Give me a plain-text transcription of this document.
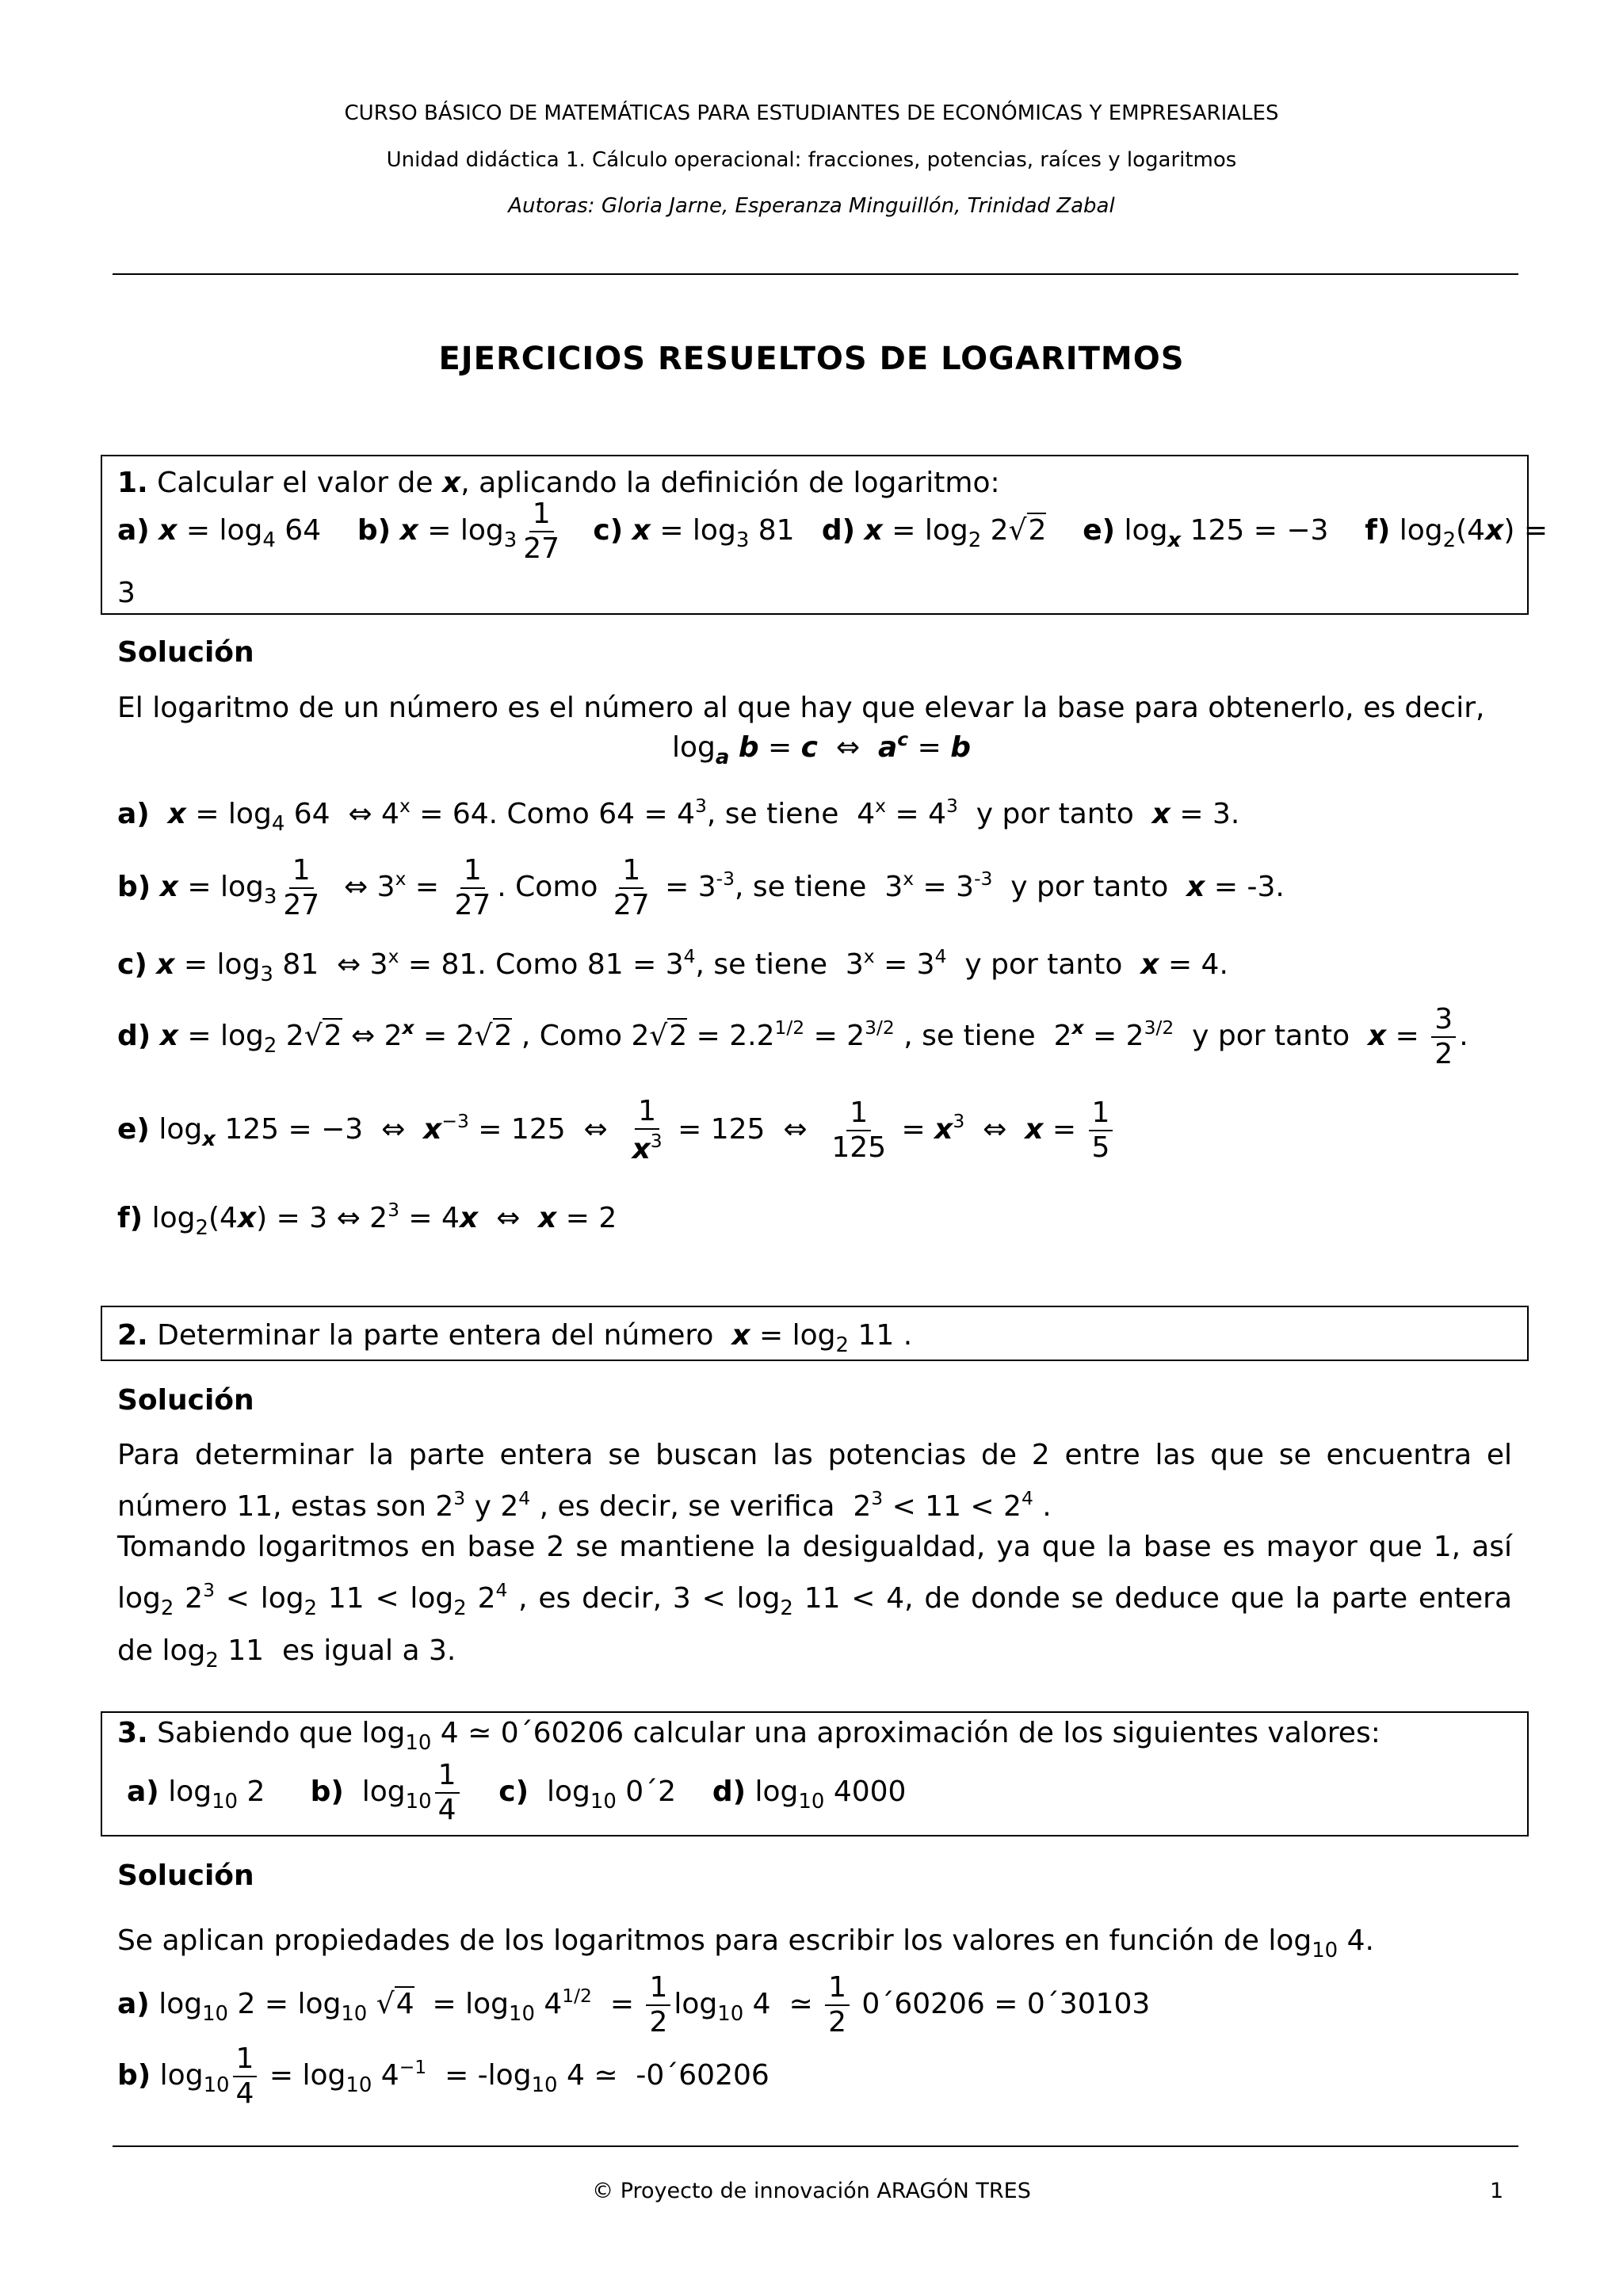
CURSO BÁSICO DE MATEMÁTICAS PARA ESTUDIANTES DE ECONÓMICAS Y EMPRESARIALES
Unidad didáctica 1. Cálculo operacional: fracciones, potencias, raíces y logaritmos
Autoras: Gloria Jarne, Esperanza Minguillón, Trinidad Zabal
EJERCICIOS RESUELTOS DE LOGARITMOS
1. Calcular el valor de x, aplicando la definición de logaritmo:
a) $x = \log_4 64$    b) $x = \log_3 \frac{1}{27} c$) $x = \log_3 81$   d) $x = \log_2 2√2$ e) $\log_x 125 = -3$    f) $\log_2(4x)$ =
3
Solución
El logaritmo de un número es el número al que hay que elevar la base para obtenerlo, es decir,
$\log_a b = c$  ⇔  $a^c = b$
a) $x = \log_4 64$  ⇔ $4^x = 64$. Como $64 = 4^3$, se tiene  $4^x = 4^3$  y por tanto  x = 3.
b) $x = \log_3 \frac{1}{27}$ ⇔ $3^x = \frac{1}{27}$ . Como $\frac{1}{27} = 3^{-3}$, se tiene  $3^x = 3^{-3}$  y por tanto  x = -3.
c) $x = \log_3 81$  ⇔ $3^x = 81$. Como $81 = 3^4$, se tiene  $3^x = 3^4$  y por tanto  x = 4.
d) $x = \log_2 2√2$ ⇔ $2^x = 2√2$ , Como $2√2 = 2.2^{1/2} = 2^{3/2}$ , se tiene  $2^x = 2^{3/2}$  y por tanto  $x = \frac{3}{2}$ .
e) $\log_x 125 = -3$  ⇔  $x^{-3} = 125$  ⇔ $\frac{1}{x^3} = 125$  ⇔ $\frac{1}{125} = x^3$  ⇔  $x = \frac{1}{5}$
f) $\log_2(4x) = 3$ ⇔ $2^3 = 4x$  ⇔  x = 2
2. Determinar la parte entera del número  $x = \log_2 11$ .
Solución
Para determinar la parte entera se buscan las potencias de 2 entre las que se encuentra el número 11, estas son $2^3$ y $2^4$ , es decir, se verifica  $2^3 < 11 < 2^4$ .
Tomando logaritmos en base 2 se mantiene la desigualdad, ya que la base es mayor que 1, así $\log_2 2^3 < \log_2 11 < \log_2 2^4$ , es decir, $3 < \log_2 11 < 4$, de donde se deduce que la parte entera de $\log_2 11$  es igual a 3.
3. Sabiendo que $\log_{10} 4$ ≃ 0´60206 calcular una aproximación de los siguientes valores:
a) $\log_{10} 2$     b)  $\log_{10} \frac{1}{4} c$)  $\log_{10}$ 0´2    d) $\log_{10} 4000$
Solución
Se aplican propiedades de los logaritmos para escribir los valores en función de $\log_{10} 4$.
a) $\log_{10} 2 = \log_{10} √4 = \log_{10} 4^{1/2} = \frac{1}{2} \log_{10} 4$  ≃ $\frac{1}{2}$ 0´60206 = 0´30103
b) $\log_{10} \frac{1}{4} = \log_{10} 4^{-1} = -\log_{10}$ 4 ≃  -0´60206
© Proyecto de innovación ARAGÓN TRES	1
